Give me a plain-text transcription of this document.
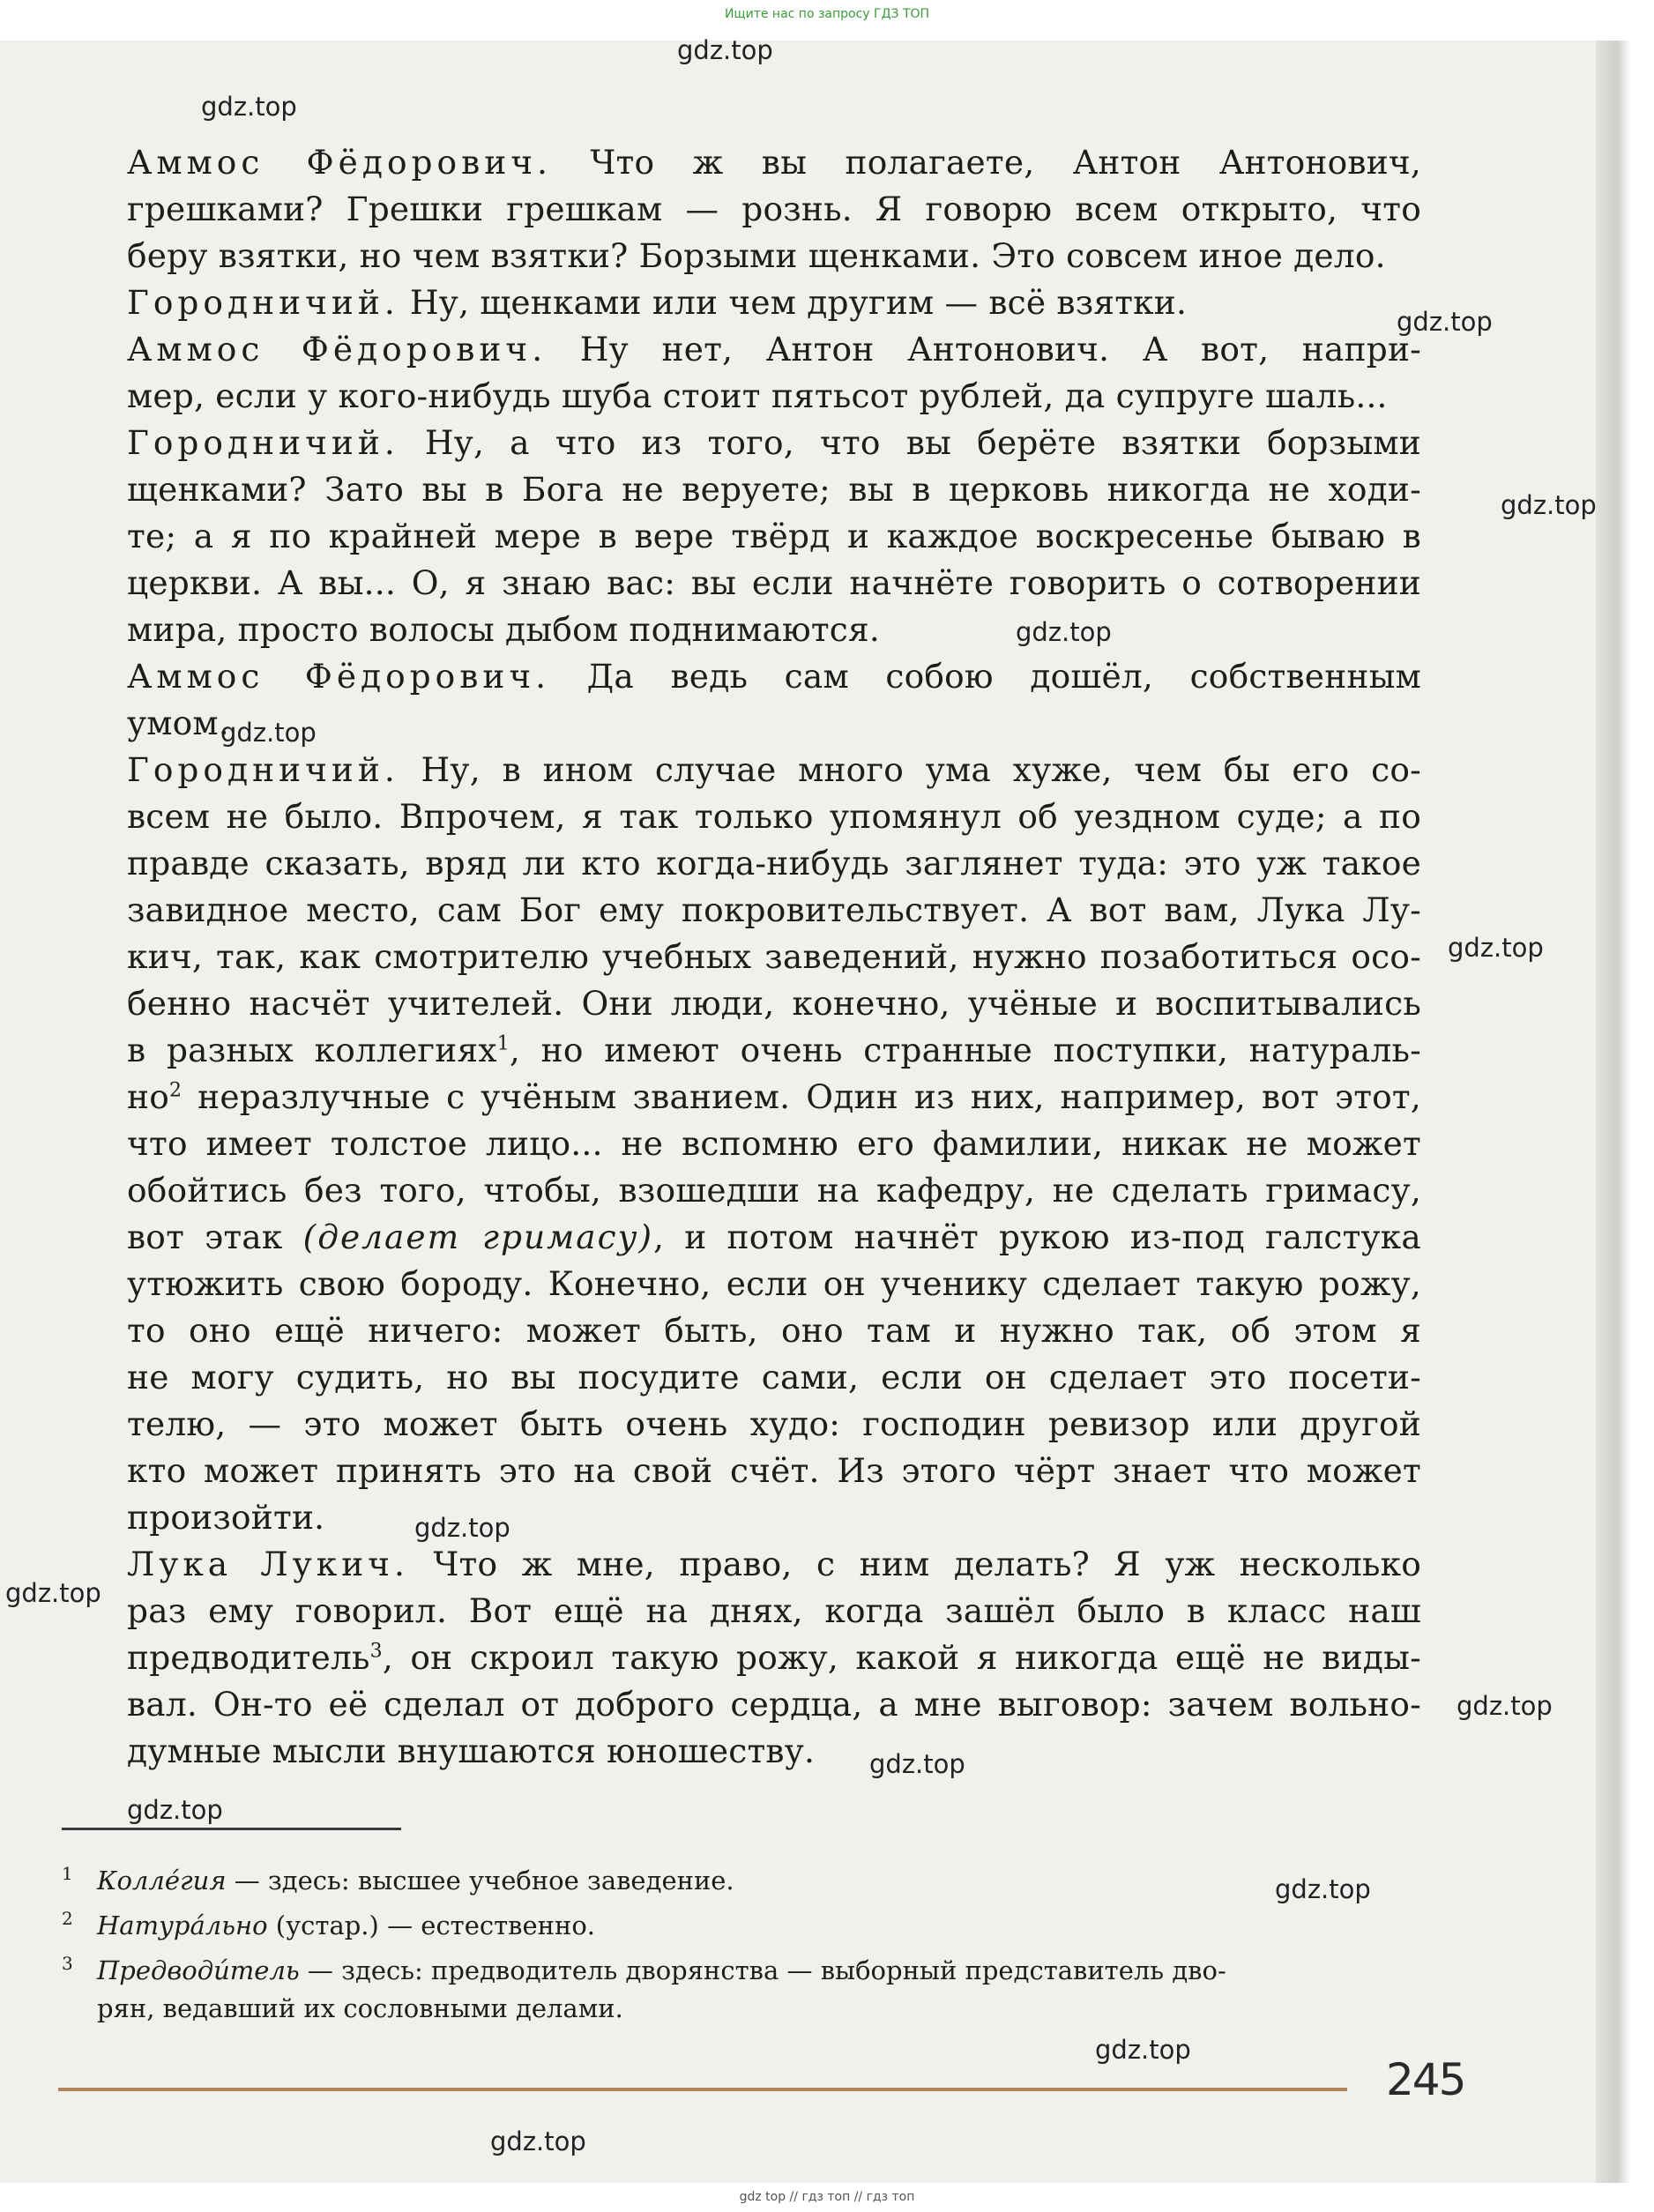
Ищите нас по запросу ГДЗ ТОП
Аммос Фёдорович. Что ж вы полагаете, Антон Антонович,
грешками? Грешки грешкам — рознь. Я говорю всем открыто, что
беру взятки, но чем взятки? Борзыми щенками. Это совсем иное дело.
Городничий. Ну, щенками или чем другим — всё взятки.
Аммос Фёдорович. Ну нет, Антон Антонович. А вот, напри-
мер, если у кого-нибудь шуба стоит пятьсот рублей, да супруге шаль...
Городничий. Ну, а что из того, что вы берёте взятки борзыми
щенками? Зато вы в Бога не веруете; вы в церковь никогда не ходи-
те; а я по крайней мере в вере твёрд и каждое воскресенье бываю в
церкви. А вы... О, я знаю вас: вы если начнёте говорить о сотворении
мира, просто волосы дыбом поднимаются.
Аммос Фёдорович. Да ведь сам собою дошёл, собственным
умом.
Городничий. Ну, в ином случае много ума хуже, чем бы его со-
всем не было. Впрочем, я так только упомянул об уездном суде; а по
правде сказать, вряд ли кто когда-нибудь заглянет туда: это уж такое
завидное место, сам Бог ему покровительствует. А вот вам, Лука Лу-
кич, так, как смотрителю учебных заведений, нужно позаботиться осо-
бенно насчёт учителей. Они люди, конечно, учёные и воспитывались
в разных коллегиях$^1$, но имеют очень странные поступки, натураль-
$но^2$ неразлучные с учёным званием. Один из них, например, вот этот,
что имеет толстое лицо... не вспомню его фамилии, никак не может
обойтись без того, чтобы, взошедши на кафедру, не сделать гримасу,
вот этак (делает гримасу), и потом начнёт рукою из-под галстука
утюжить свою бороду. Конечно, если он ученику сделает такую рожу,
то оно ещё ничего: может быть, оно там и нужно так, об этом я
не могу судить, но вы посудите сами, если он сделает это посети-
телю, — это может быть очень худо: господин ревизор или другой
кто может принять это на свой счёт. Из этого чёрт знает что может
произойти.
Лука Лукич. Что ж мне, право, с ним делать? Я уж несколько
раз ему говорил. Вот ещё на днях, когда зашёл было в класс наш
предводитель$^3$, он скроил такую рожу, какой я никогда ещё не виды-
вал. Он-то её сделал от доброго сердца, а мне выговор: зачем вольно-
думные мысли внушаются юношеству.
1 Коллéгия — здесь: высшее учебное заведение.
2 Натурáльно (устар.) — естественно.
3 Предводи́тель — здесь: предводитель дворянства — выборный представитель дво-
рян, ведавший их сословными делами.
245
gdz top // гдз топ // гдз топ
gdz.top
gdz.top
gdz.top
gdz.top
gdz.top
gdz.top
gdz.top
gdz.top
gdz.top
gdz.top
gdz.top
gdz.top
gdz.top
gdz.top
gdz.top
